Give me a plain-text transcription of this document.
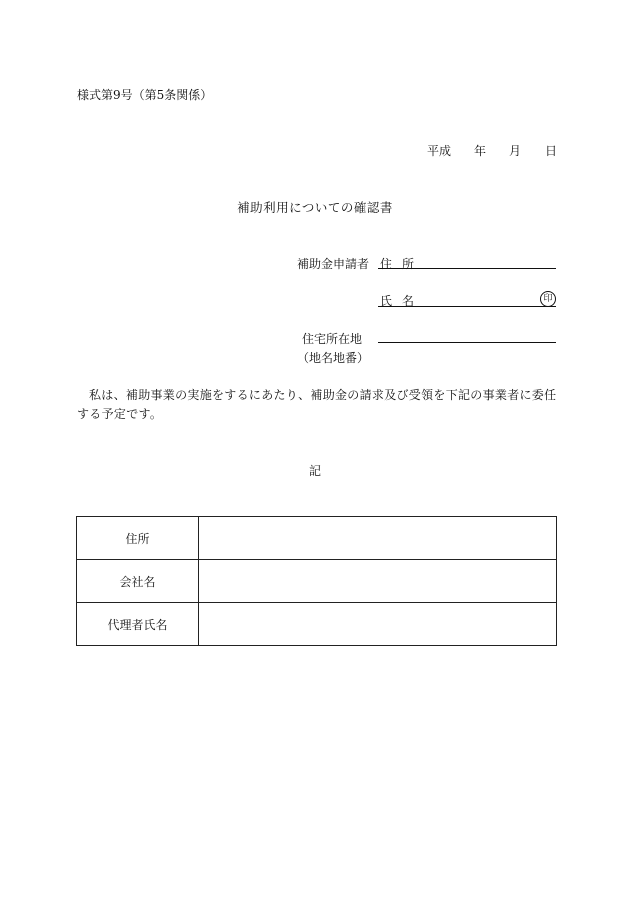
様式第9号（第5条関係）
平成 年 月 日
補助利用についての確認書
補助金申請者 住所
氏名	印
住宅所在地
（地名地番）
私は、補助事業の実施をするにあたり、補助金の請求及び受領を下記の事業者に委任する予定です。
記
住所	
会社名	
代理者氏名	
